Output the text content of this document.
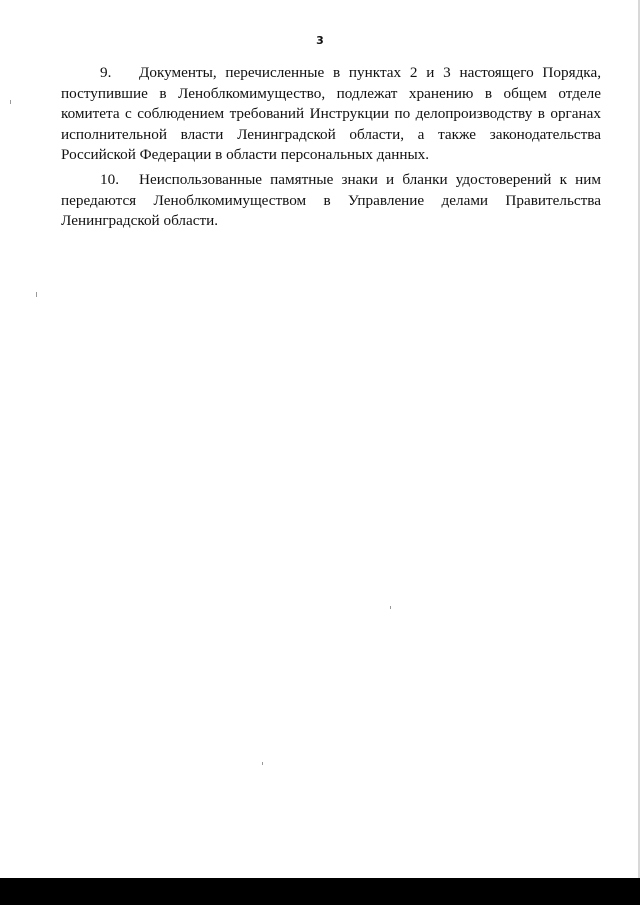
3

9. Документы, перечисленные в пунктах 2 и 3 настоящего Порядка, поступившие в Леноблкомимущество, подлежат хранению в общем отделе комитета с соблюдением требований Инструкции по делопроизводству в органах исполнительной власти Ленинградской области, а также законодательства Российской Федерации в области персональных данных.

10. Неиспользованные памятные знаки и бланки удостоверений к ним передаются Леноблкомимуществом в Управление делами Правительства Ленинградской области.
